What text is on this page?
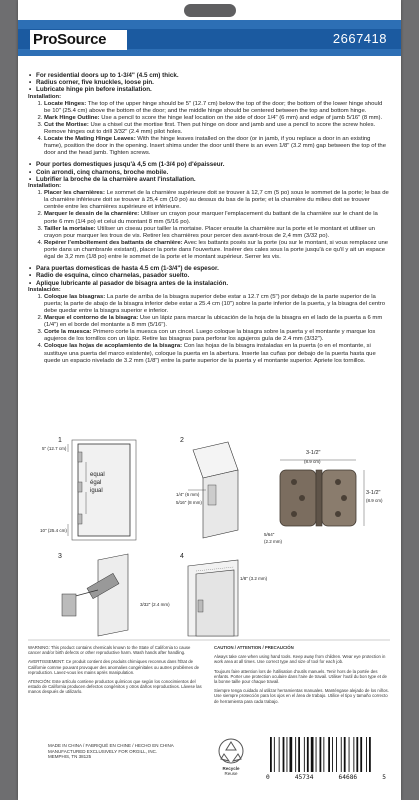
ProSource	2667418
• For residential doors up to 1-3/4" (4.5 cm) thick.
• Radius corner, five knuckles, loose pin.
• Lubricate hinge pin before installation.
Installation:
1. Locate Hinges: The top of the upper hinge should be 5" (12.7 cm) below the top of the door; the bottom of the lower hinge should be 10" (25.4 cm) above the bottom of the door; and the middle hinge should be centered between the top and bottom hinge.
2. Mark Hinge Outline: Use a pencil to score the hinge leaf location on the side of door 1/4" (6 mm) and edge of jamb 5/16" (8 mm).
3. Cut the Mortise: Use a chisel cut the mortise first. Then put hinge on door and jamb and use a pencil to score the screw holes. Remove hinges out to drill 3/32" (2.4 mm) pilot holes.
4. Locate the Mating Hinge Leaves: With the hinge leaves installed on the door (or in jamb, if you replace a door in an existing frame), position the door in the opening. Insert shims under the door until there is an even 1/8" (3.2 mm) gap between the top of the door and the head jamb. Tighten screws.
• Pour portes domestiques jusqu'à 4,5 cm (1-3/4 po) d'épaisseur.
• Coin arrondi, cinq charnons, broche mobile.
• Lubrifier la broche de la charnière avant l'installation.
Installation:
1. Placer les charnières: Le sommet de la charnière supérieure doit se trouver à 12,7 cm (5 po) sous le sommet de la porte; le bas de la charnière inférieure doit se trouver à 25,4 cm (10 po) au dessus du bas de la porte; et la charnière du milieu doit se trouver centrée entre les charnières supérieure et inférieure.
2. Marquer le dessin de la charnière: Utiliser un crayon pour marquer l'emplacement du battant de la charnière sur le chant de la porte 6 mm (1/4 po) et celui du montant 8 mm (5/16 po).
3. Tailler la mortaise: Utiliser un ciseau pour tailler la mortaise. Placer ensuite la charnière sur la porte et le montant et utiliser un crayon pour marquer les trous de vis. Retirer les charnières pour percer des avant-trous de 2,4 mm (3/32 po).
4. Repérer l'emboîtement des battants de charnière: Avec les battants posés sur la porte (ou sur le montant, si vous remplacez une porte dans un chambranle existant), placer la porte dans l'ouverture. Insérer des cales sous la porte jusqu'à ce qu'il y ait un espace égal de 3,2 mm (1/8 po) entre le sommet de la porte et le montant supérieur. Serrer les vis.
• Para puertas domesticas de hasta 4.5 cm (1-3/4") de espesor.
• Radio de esquina, cinco charnelas, pasador suelto.
• Aplique lubricante al pasador de bisagra antes de la instalación.
Instalación:
1. Coloque las bisagras: La parte de arriba de la bisagra superior debe estar a 12.7 cm (5") por debajo de la parte superior de la puerta; la parte de abajo de la bisagra inferior debe estar a 25.4 cm (10") sobre la parte inferior de la puerta, y la bisagra del centro debe quedar entre la bisagra superior e inferior.
2. Marque el contorno de la bisagra: Use un lápiz para marcar la ubicación de la hoja de la bisagra en el lado de la puerta a 6 mm (1/4") en el borde del montante a 8 mm (5/16").
3. Corte la muesca: Primero corte la muesca con un cincel. Luego coloque la bisagra sobre la puerta y el montante y marque los agujeros de los tornillos con un lápiz. Retire las bisagras para perforar los agujeros guía de 2.4 mm (3/32").
4. Coloque las hojas de acoplamiento de la bisagra: Con las hojas de la bisagra instaladas en la puerta (o en el montante, si sustituye una puerta del marco existente), coloque la puerta en la abertura. Inserte las cuñas por debajo de la puerta hasta que quede un espacio nivelado de 3.2 mm (1/8") entre la parte superior de la puerta y el montante superior. Apriete los tornillos.
1
5" (12.7 cm)
10" (25.4 cm)
equal
égal
igual
2
1/4" (6 mm)
5/16" (8 mm)
3-1/2"
(8.9 cm)
3-1/2"
(8.9 cm)
5/64"
(2.2 mm)
3
3/32" (2.4 mm)
4
1/8" (3.2 mm)

WARNING: This product contains chemicals known to the State of California to cause cancer and/or birth defects or other reproductive harm. Wash hands after handling.

AVERTISSEMENT: Ce produit contient des produits chimiques reconnus dans l'État de Californie comme pouvant provoquer des anomalies congénitales ou autres problèmes de reproduction. Lavez-vous les mains après manipulation.

ATENCIÓN: Este artículo contiene productos químicos que según los conocimientos del estado de California producen defectos congénitos y otros daños reproductivos. Lávese las manos después de utilizarlo.

CAUTION / ATTENTION / PRECAUCIÓN

Always take care when using hand tools. Keep away from children. Wear eye protection in work area at all times. Use correct type and size of tool for each job.

Toujours faire attention lors de l'utilisation d'outils manuels. Tenir hors de la portée des enfants. Porter une protection oculaire dans l'aire de travail. Utiliser l'outil du bon type et de la bonne taille pour chaque travail.

Siempre tenga cuidado al utilizar herramientas manuales. Manténgase alejado de los niños. Use siempre protección para los ojos en el área de trabajo. Utilice el tipo y tamaño correcto de herramienta para cada trabajo.

MADE IN CHINA / FABRIQUÉ EN CHINE / HECHO EN CHINA
MANUFACTURED EXCLUSIVELY FOR ORGILL, INC.
MEMPHIS, TN 38125
Recycle
Reuse
0	45734	64686	5
